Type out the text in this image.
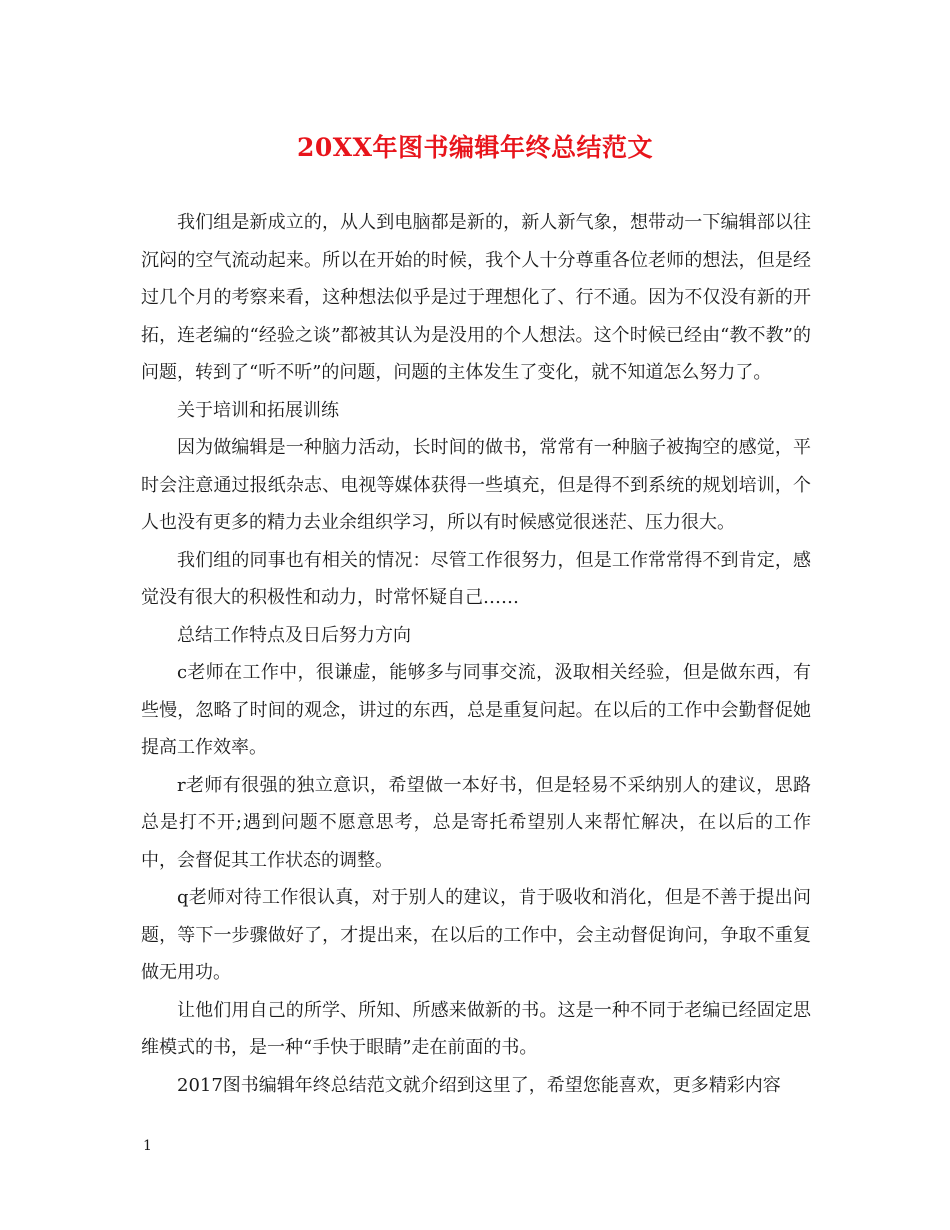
20XX年图书编辑年终总结范文

我们组是新成立的，从人到电脑都是新的，新人新气象，想带动一下编辑部以往沉闷的空气流动起来。所以在开始的时候，我个人十分尊重各位老师的想法，但是经过几个月的考察来看，这种想法似乎是过于理想化了、行不通。因为不仅没有新的开拓，连老编的“经验之谈”都被其认为是没用的个人想法。这个时候已经由“教不教”的问题，转到了“听不听”的问题，问题的主体发生了变化，就不知道怎么努力了。

关于培训和拓展训练

因为做编辑是一种脑力活动，长时间的做书，常常有一种脑子被掏空的感觉，平时会注意通过报纸杂志、电视等媒体获得一些填充，但是得不到系统的规划培训，个人也没有更多的精力去业余组织学习，所以有时候感觉很迷茫、压力很大。

我们组的同事也有相关的情况：尽管工作很努力，但是工作常常得不到肯定，感觉没有很大的积极性和动力，时常怀疑自己……

总结工作特点及日后努力方向

c老师在工作中，很谦虚，能够多与同事交流，汲取相关经验，但是做东西，有些慢，忽略了时间的观念，讲过的东西，总是重复问起。在以后的工作中会勤督促她提高工作效率。

r老师有很强的独立意识，希望做一本好书，但是轻易不采纳别人的建议，思路总是打不开;遇到问题不愿意思考，总是寄托希望别人来帮忙解决，在以后的工作中，会督促其工作状态的调整。

q老师对待工作很认真，对于别人的建议，肯于吸收和消化，但是不善于提出问题，等下一步骤做好了，才提出来，在以后的工作中，会主动督促询问，争取不重复做无用功。

让他们用自己的所学、所知、所感来做新的书。这是一种不同于老编已经固定思维模式的书，是一种“手快于眼睛”走在前面的书。

2017图书编辑年终总结范文就介绍到这里了，希望您能喜欢，更多精彩内容

1
